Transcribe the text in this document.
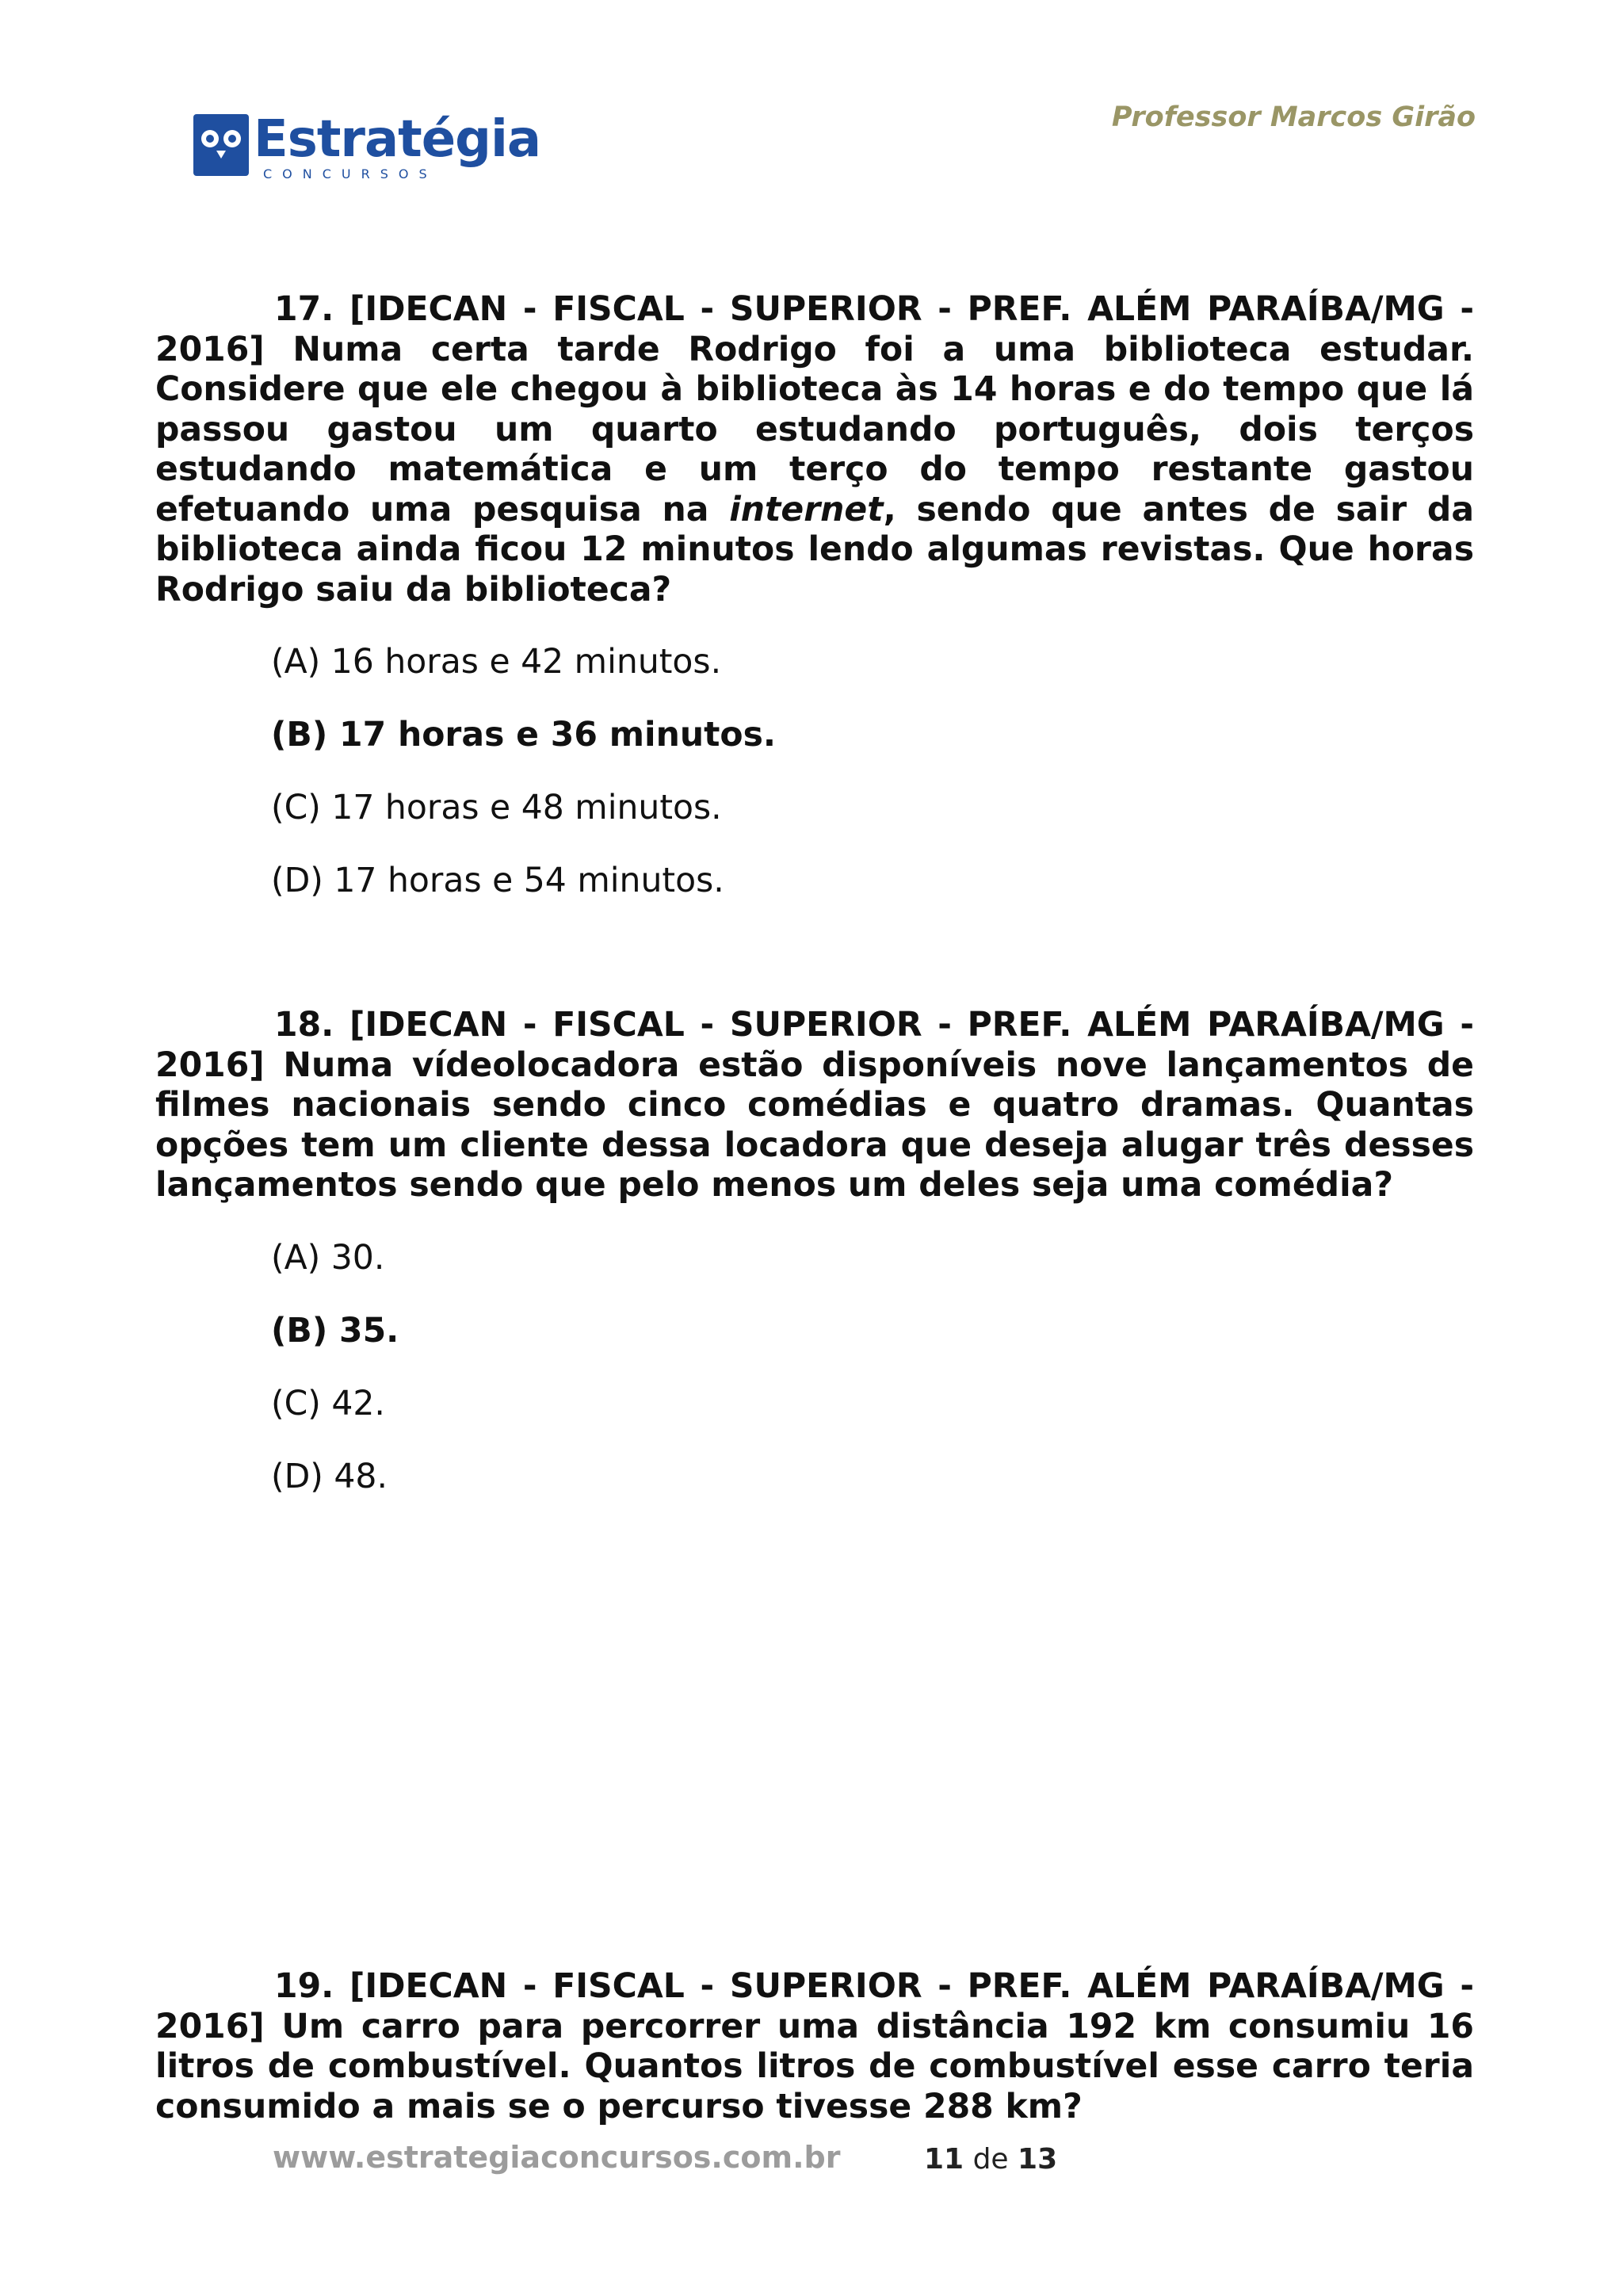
Estratégia
CONCURSOS
Professor Marcos Girão

17. [IDECAN - FISCAL - SUPERIOR - PREF. ALÉM PARAÍBA/MG - 2016] Numa certa tarde Rodrigo foi a uma biblioteca estudar. Considere que ele chegou à biblioteca às 14 horas e do tempo que lá passou gastou um quarto estudando português, dois terços estudando matemática e um terço do tempo restante gastou efetuando uma pesquisa na internet, sendo que antes de sair da biblioteca ainda ficou 12 minutos lendo algumas revistas. Que horas Rodrigo saiu da biblioteca?

(A) 16 horas e 42 minutos.
(B) 17 horas e 36 minutos.
(C) 17 horas e 48 minutos.
(D) 17 horas e 54 minutos.

18. [IDECAN - FISCAL - SUPERIOR - PREF. ALÉM PARAÍBA/MG - 2016] Numa vídeolocadora estão disponíveis nove lançamentos de filmes nacionais sendo cinco comédias e quatro dramas. Quantas opções tem um cliente dessa locadora que deseja alugar três desses lançamentos sendo que pelo menos um deles seja uma comédia?

(A) 30.
(B) 35.
(C) 42.
(D) 48.

19. [IDECAN - FISCAL - SUPERIOR - PREF. ALÉM PARAÍBA/MG - 2016] Um carro para percorrer uma distância 192 km consumiu 16 litros de combustível. Quantos litros de combustível esse carro teria consumido a mais se o percurso tivesse 288 km?

www.estrategiaconcursos.com.br	11 de 13
